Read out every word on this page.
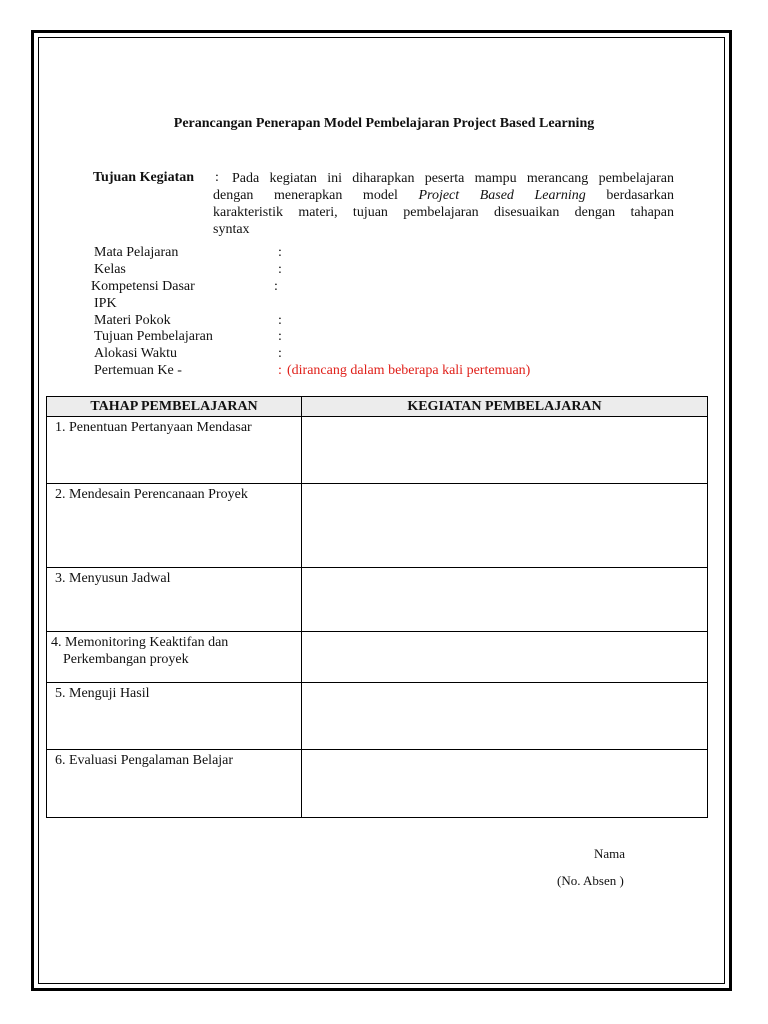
Perancangan Penerapan Model Pembelajaran Project Based Learning
Tujuan Kegiatan : Pada kegiatan ini diharapkan peserta mampu merancang pembelajaran
dengan menerapkan model Project Based Learning berdasarkan
karakteristik materi, tujuan pembelajaran disesuaikan dengan tahapan
syntax
Mata Pelajaran	:
Kelas	:
Kompetensi Dasar	:
IPK
Materi Pokok	:
Tujuan Pembelajaran	:
Alokasi Waktu	:
Pertemuan Ke -	: (dirancang dalam beberapa kali pertemuan)
TAHAP PEMBELAJARAN	KEGIATAN PEMBELAJARAN
1. Penentuan Pertanyaan Mendasar	
2. Mendesain Perencanaan Proyek	
3. Menyusun Jadwal	
4. Memonitoring Keaktifan dan
Perkembangan proyek	

5. Menguji Hasil	
6. Evaluasi Pengalaman Belajar	
Nama
(No. Absen )
